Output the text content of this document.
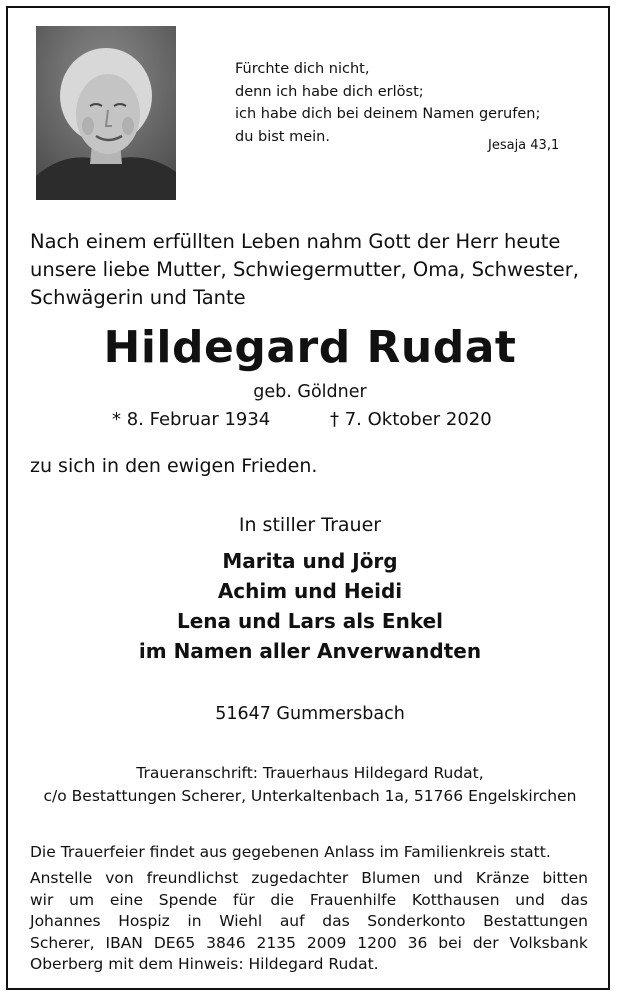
Fürchte dich nicht,
denn ich habe dich erlöst;
ich habe dich bei deinem Namen gerufen;
du bist mein.
Jesaja 43,1
Nach einem erfüllten Leben nahm Gott der Herr heute
unsere liebe Mutter, Schwiegermutter, Oma, Schwester,
Schwägerin und Tante
Hildegard Rudat
geb. Göldner
* 8. Februar 1934	† 7. Oktober 2020
zu sich in den ewigen Frieden.
In stiller Trauer
Marita und Jörg
Achim und Heidi
Lena und Lars als Enkel
im Namen aller Anverwandten
51647 Gummersbach
Traueranschrift: Trauerhaus Hildegard Rudat,
c/o Bestattungen Scherer, Unterkaltenbach 1a, 51766 Engelskirchen
Die Trauerfeier findet aus gegebenen Anlass im Familienkreis statt.
Anstelle von freundlichst zugedachter Blumen und Kränze bitten
wir um eine Spende für die Frauenhilfe Kotthausen und das
Johannes Hospiz in Wiehl auf das Sonderkonto Bestattungen
Scherer, IBAN DE65 3846 2135 2009 1200 36 bei der Volksbank
Oberberg mit dem Hinweis: Hildegard Rudat.
